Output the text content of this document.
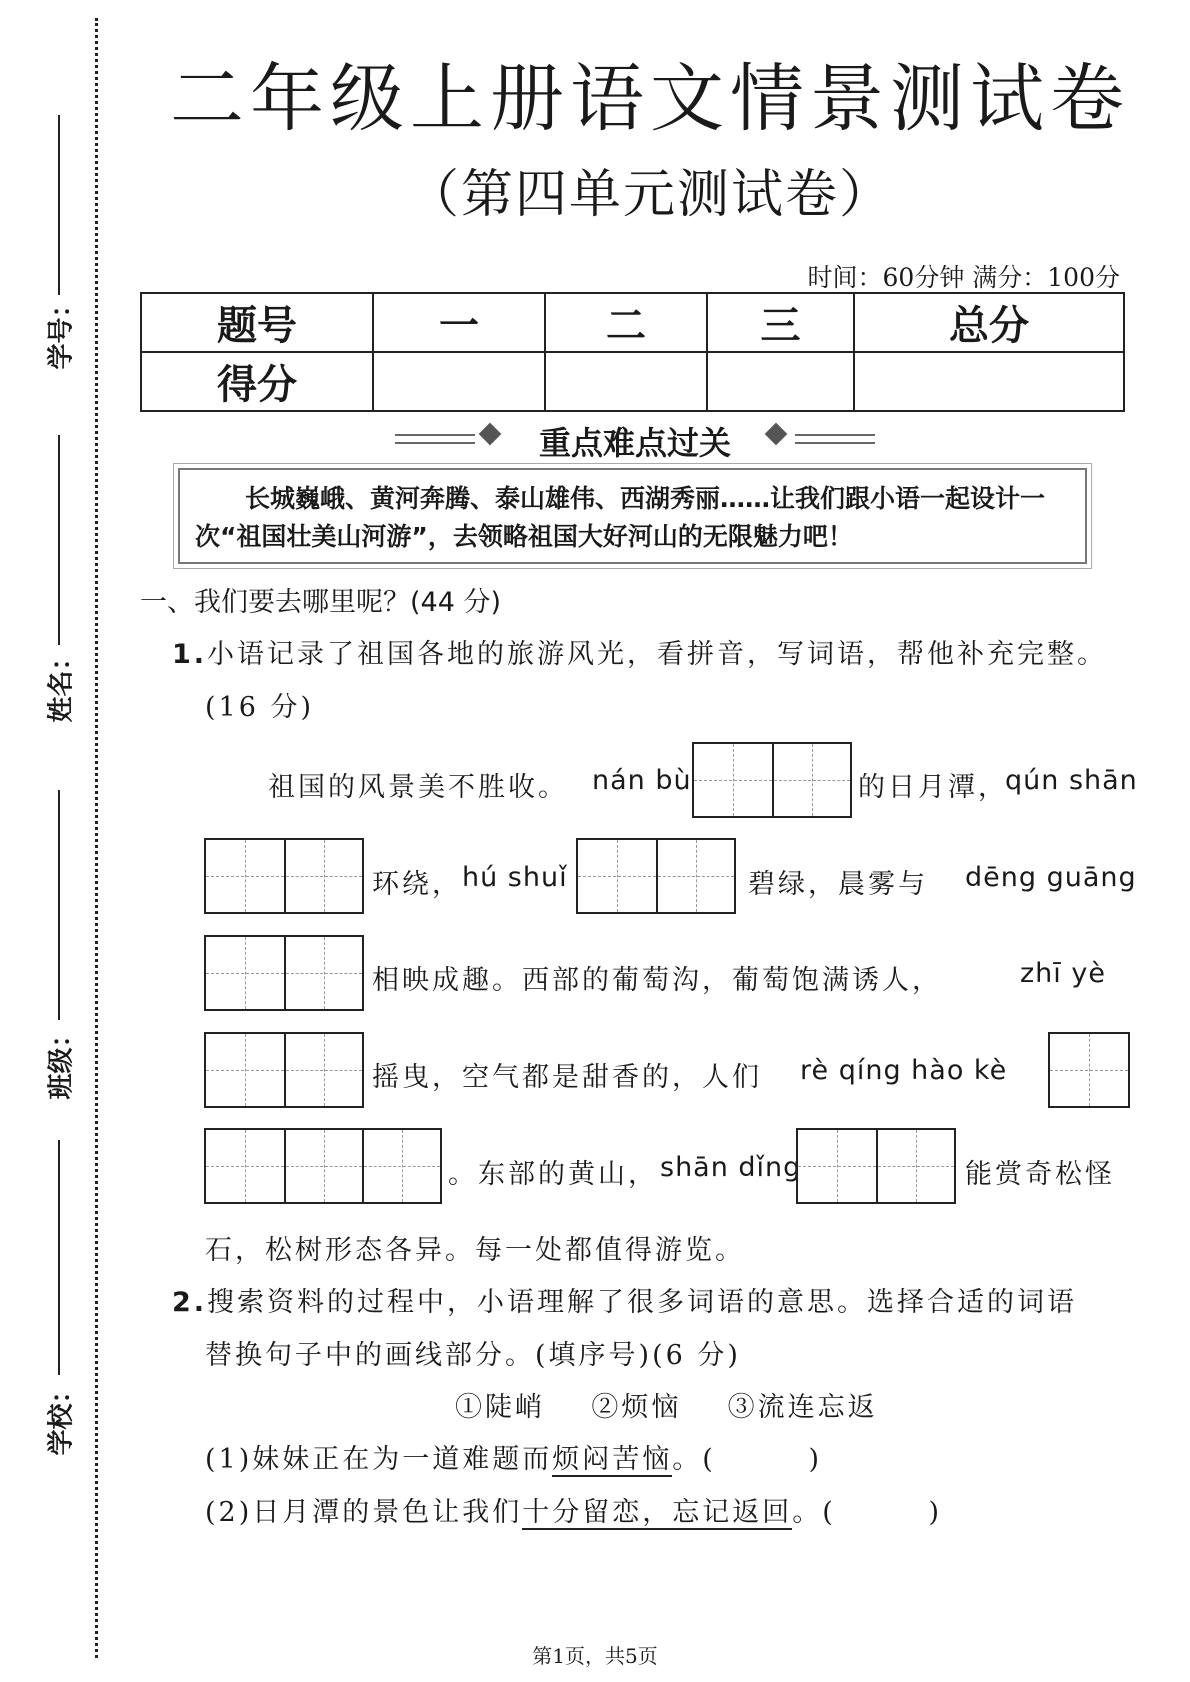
学号：
姓名：
班级：
学校：
二年级上册语文情景测试卷
（第四单元测试卷）
时间：60分钟 满分：100分
题号	一	二	三	总分
得分				
重点难点过关
长城巍峨、黄河奔腾、泰山雄伟、西湖秀丽……让我们跟小语一起设计一次“祖国壮美山河游”，去领略祖国大好河山的无限魅力吧！
一、我们要去哪里呢？(44 分)
1.小语记录了祖国各地的旅游风光，看拼音，写词语，帮他补充完整。
(16 分)
祖国的风景美不胜收。 nán bù	的日月潭，
qún shān
环绕， hú shuǐ	碧绿，晨雾与 dēng guāng
相映成趣。西部的葡萄沟，葡萄饱满诱人，	zhī yè
摇曳，空气都是甜香的，人们 rè qíng hào kè
。东部的黄山， shān dǐng	能赏奇松怪
石，松树形态各异。每一处都值得游览。
2.搜索资料的过程中，小语理解了很多词语的意思。选择合适的词语
替换句子中的画线部分。(填序号)(6 分)
①陡峭    ②烦恼    ③流连忘返
(1)妹妹正在为一道难题而烦闷苦恼。(        )
(2)日月潭的景色让我们十分留恋，忘记返回。(        )
第1页，共5页
